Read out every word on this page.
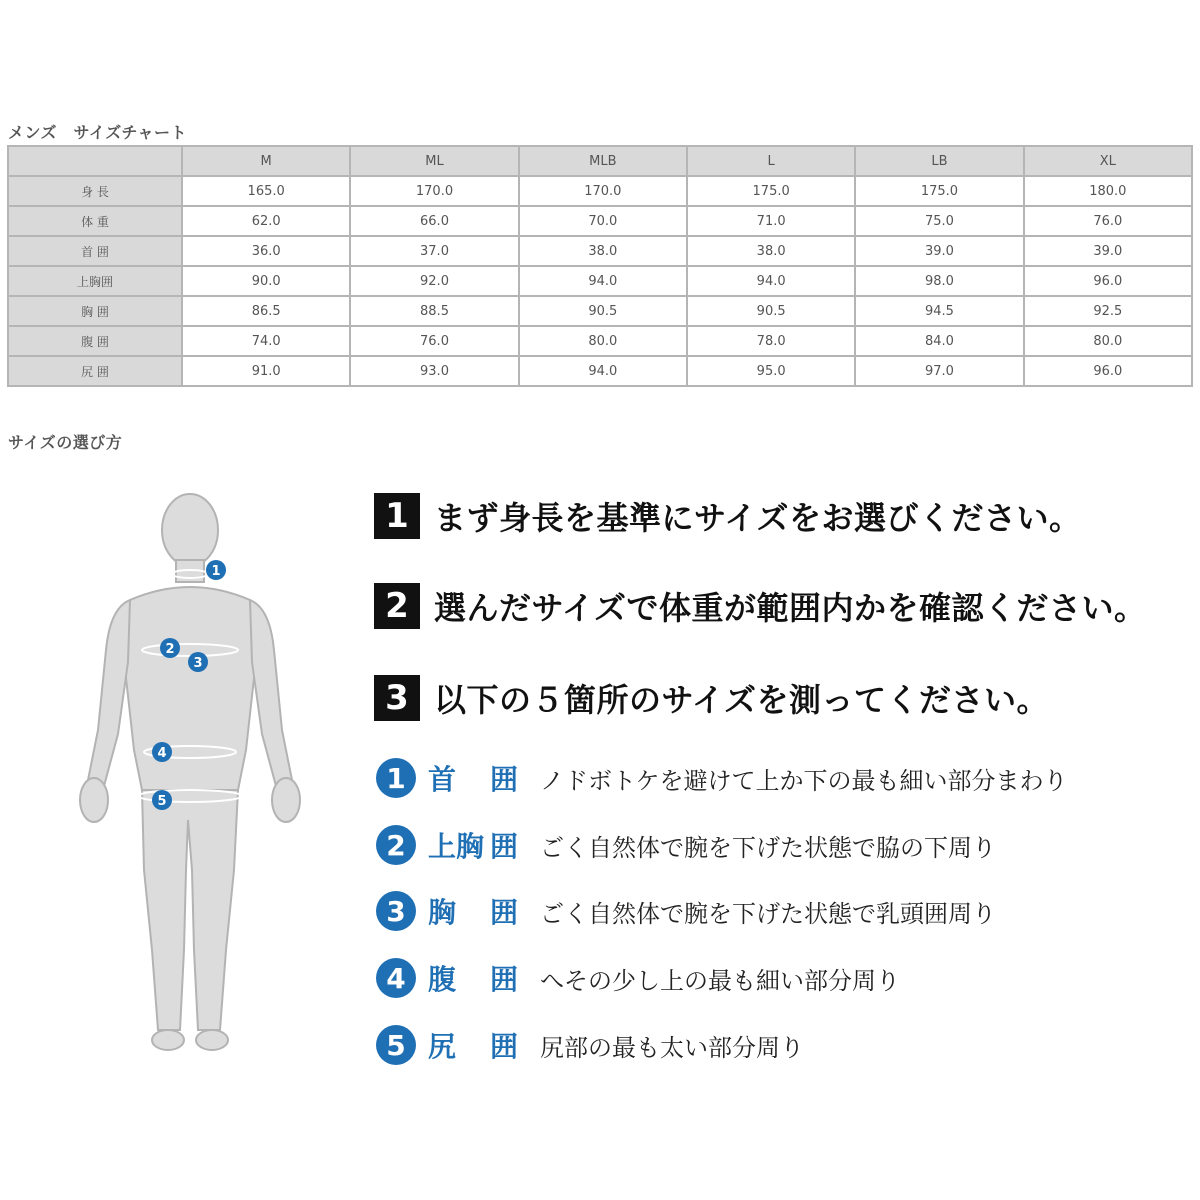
メンズ　サイズチャート
	M	ML	MLB	L	LB	XL
身 長	165.0	170.0	170.0	175.0	175.0	180.0
体 重	62.0	66.0	70.0	71.0	75.0	76.0
首 囲	36.0	37.0	38.0	38.0	39.0	39.0
上胸囲	90.0	92.0	94.0	94.0	98.0	96.0
胸 囲	86.5	88.5	90.5	90.5	94.5	92.5
腹 囲	74.0	76.0	80.0	78.0	84.0	80.0
尻 囲	91.0	93.0	94.0	95.0	97.0	96.0
サイズの選び方
1
2
3
4
5
1 まず身長を基準にサイズをお選びください。
2 選んだサイズで体重が範囲内かを確認ください。
3 以下の５箇所のサイズを測ってください。
1 首 囲 ノドボトケを避けて上か下の最も細い部分まわり
2 上胸 囲 ごく自然体で腕を下げた状態で脇の下周り
3 胸 囲 ごく自然体で腕を下げた状態で乳頭囲周り
4 腹 囲 へその少し上の最も細い部分周り
5 尻 囲 尻部の最も太い部分周り
